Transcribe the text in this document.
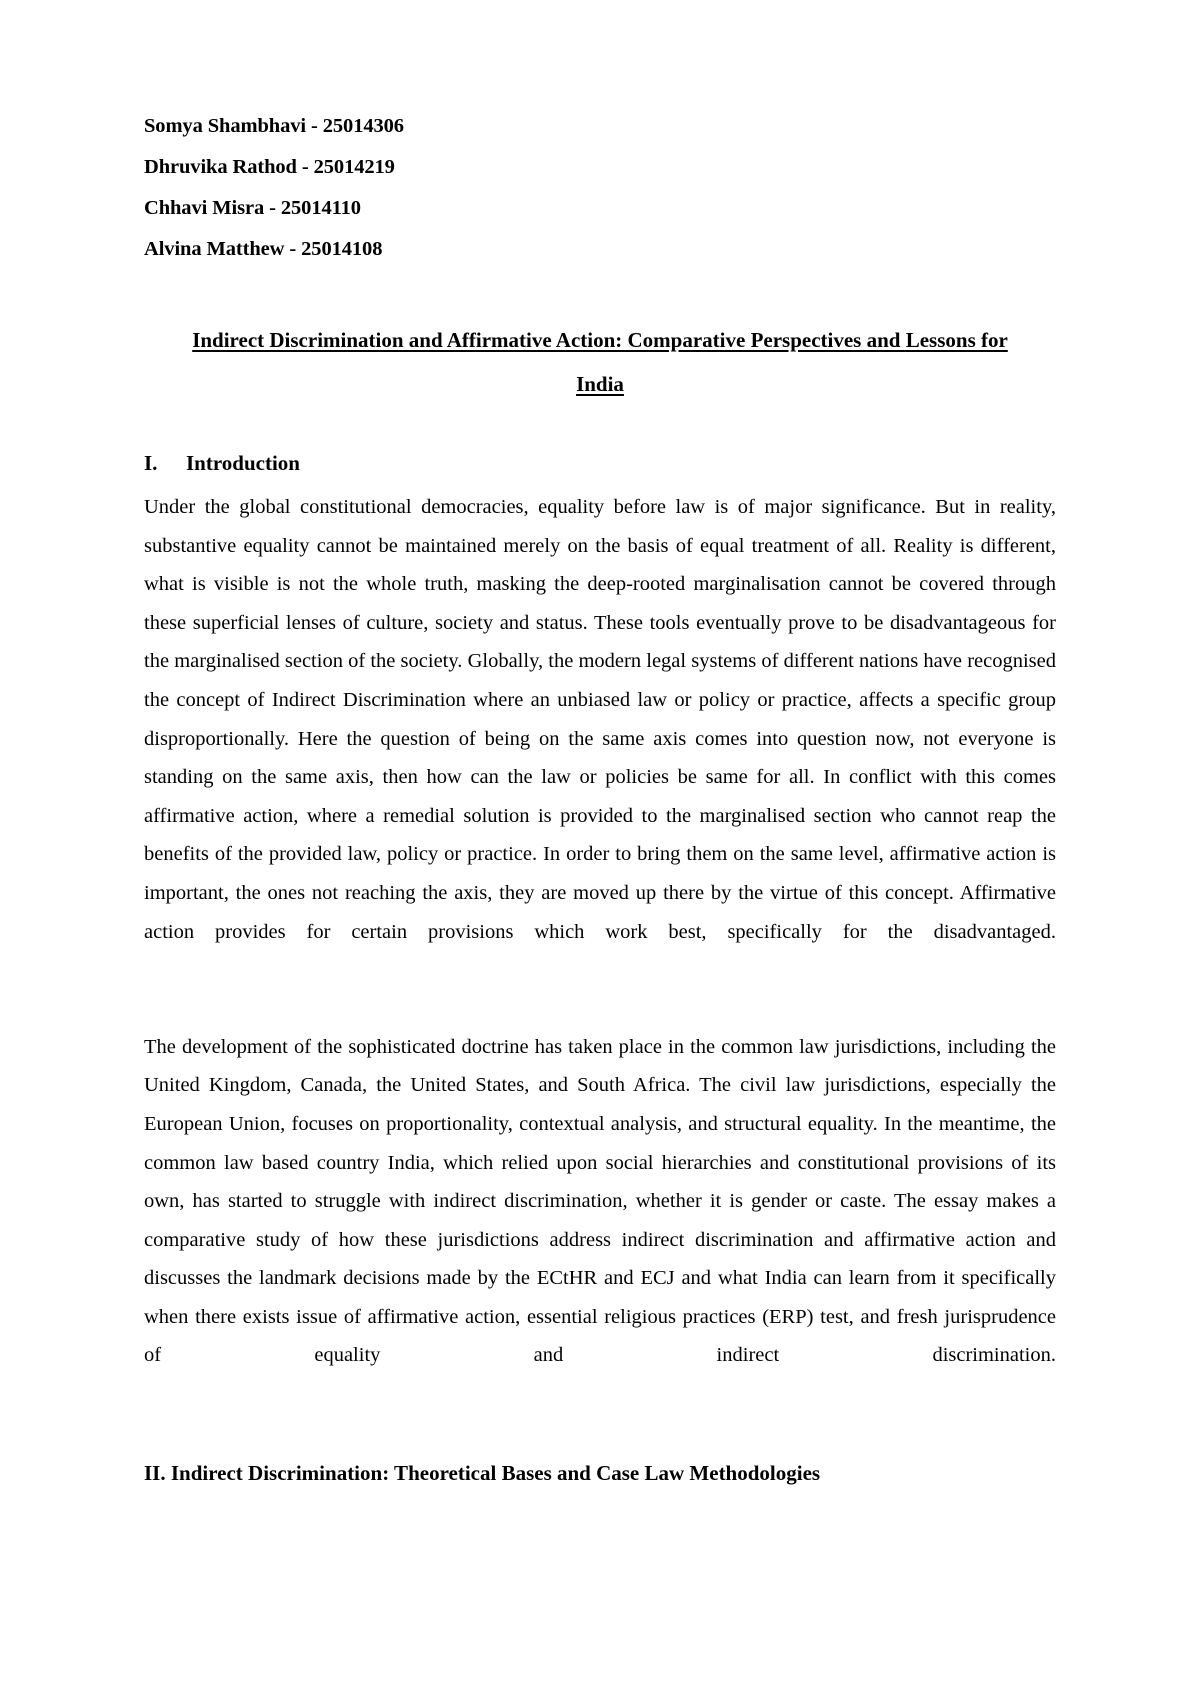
Somya Shambhavi - 25014306
Dhruvika Rathod - 25014219
Chhavi Misra - 25014110
Alvina Matthew - 25014108
Indirect Discrimination and Affirmative Action: Comparative Perspectives and Lessons for
India
I.	Introduction

Under the global constitutional democracies, equality before law is of major significance. But in reality, substantive equality cannot be maintained merely on the basis of equal treatment of all. Reality is different, what is visible is not the whole truth, masking the deep-rooted marginalisation cannot be covered through these superficial lenses of culture, society and status. These tools eventually prove to be disadvantageous for the marginalised section of the society. Globally, the modern legal systems of different nations have recognised the concept of Indirect Discrimination where an unbiased law or policy or practice, affects a specific group disproportionally. Here the question of being on the same axis comes into question now, not everyone is standing on the same axis, then how can the law or policies be same for all. In conflict with this comes affirmative action, where a remedial solution is provided to the marginalised section who cannot reap the benefits of the provided law, policy or practice. In order to bring them on the same level, affirmative action is important, the ones not reaching the axis, they are moved up there by the virtue of this concept. Affirmative action provides for certain provisions which work best, specifically for the disadvantaged.

The development of the sophisticated doctrine has taken place in the common law jurisdictions, including the United Kingdom, Canada, the United States, and South Africa. The civil law jurisdictions, especially the European Union, focuses on proportionality, contextual analysis, and structural equality. In the meantime, the common law based country India, which relied upon social hierarchies and constitutional provisions of its own, has started to struggle with indirect discrimination, whether it is gender or caste. The essay makes a comparative study of how these jurisdictions address indirect discrimination and affirmative action and discusses the landmark decisions made by the ECtHR and ECJ and what India can learn from it specifically when there exists issue of affirmative action, essential religious practices (ERP) test, and fresh jurisprudence of equality and indirect discrimination.

II. Indirect Discrimination: Theoretical Bases and Case Law Methodologies
